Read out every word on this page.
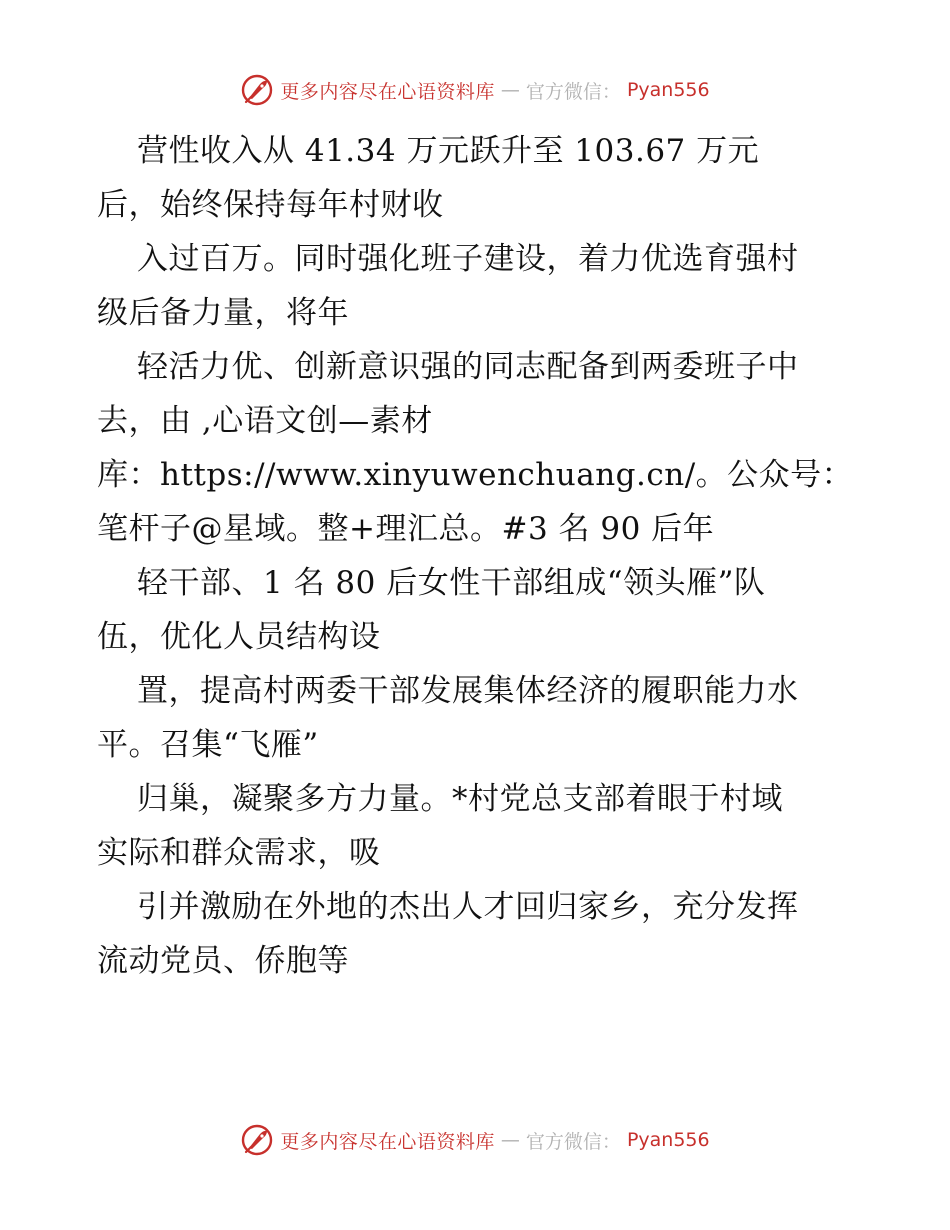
更多内容尽在心语资料库 — 官方微信： Pyan556
营性收入从 41.34 万元跃升至 103.67 万元
后，始终保持每年村财收
入过百万。同时强化班子建设，着力优选育强村
级后备力量，将年
轻活力优、创新意识强的同志配备到两委班子中
去，由 ,心语文创—素材
库：https://www.xinyuwenchuang.cn/。公众号：
笔杆子@星域。整+理汇总。#3 名 90 后年
轻干部、1 名 80 后女性干部组成“领头雁”队
伍，优化人员结构设
置，提高村两委干部发展集体经济的履职能力水
平。召集“飞雁”
归巢，凝聚多方力量。*村党总支部着眼于村域
实际和群众需求，吸
引并激励在外地的杰出人才回归家乡，充分发挥
流动党员、侨胞等
更多内容尽在心语资料库 — 官方微信： Pyan556
